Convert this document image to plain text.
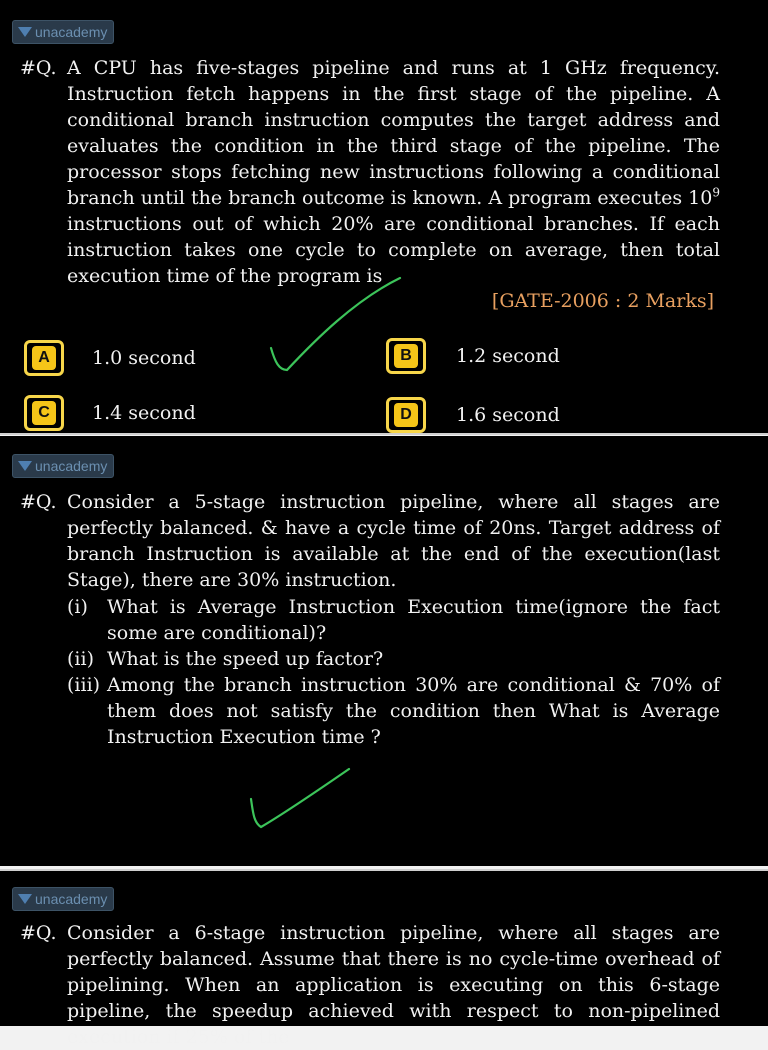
unacademy
#Q. A CPU has five-stages pipeline and runs at 1 GHz frequency. Instruction fetch happens in the first stage of the pipeline. A conditional branch instruction computes the target address and evaluates the condition in the third stage of the pipeline. The processor stops fetching new instructions following a conditional branch until the branch outcome is known. A program executes $10^9$ instructions out of which 20% are conditional branches. If each instruction takes one cycle to complete on average, then total execution time of the program is
[GATE-2006 : 2 Marks]
A	1.0 second	B	1.2 second
C	1.4 second	D	1.6 second
unacademy
#Q. Consider a 5-stage instruction pipeline, where all stages are perfectly balanced. & have a cycle time of 20ns. Target address of branch Instruction is available at the end of the execution(last Stage), there are 30% instruction.
(i)	What is Average Instruction Execution time(ignore the fact some are conditional)?
(ii) What is the speed up factor?
(iii) Among the branch instruction 30% are conditional & 70% of them does not satisfy the condition then What is Average Instruction Execution time ?
unacademy
#Q. Consider a 6-stage instruction pipeline, where all stages are perfectly balanced. Assume that there is no cycle-time overhead of pipelining. When an application is executing on this 6-stage pipeline, the speedup achieved with respect to non-pipelined execution if 25% of the
